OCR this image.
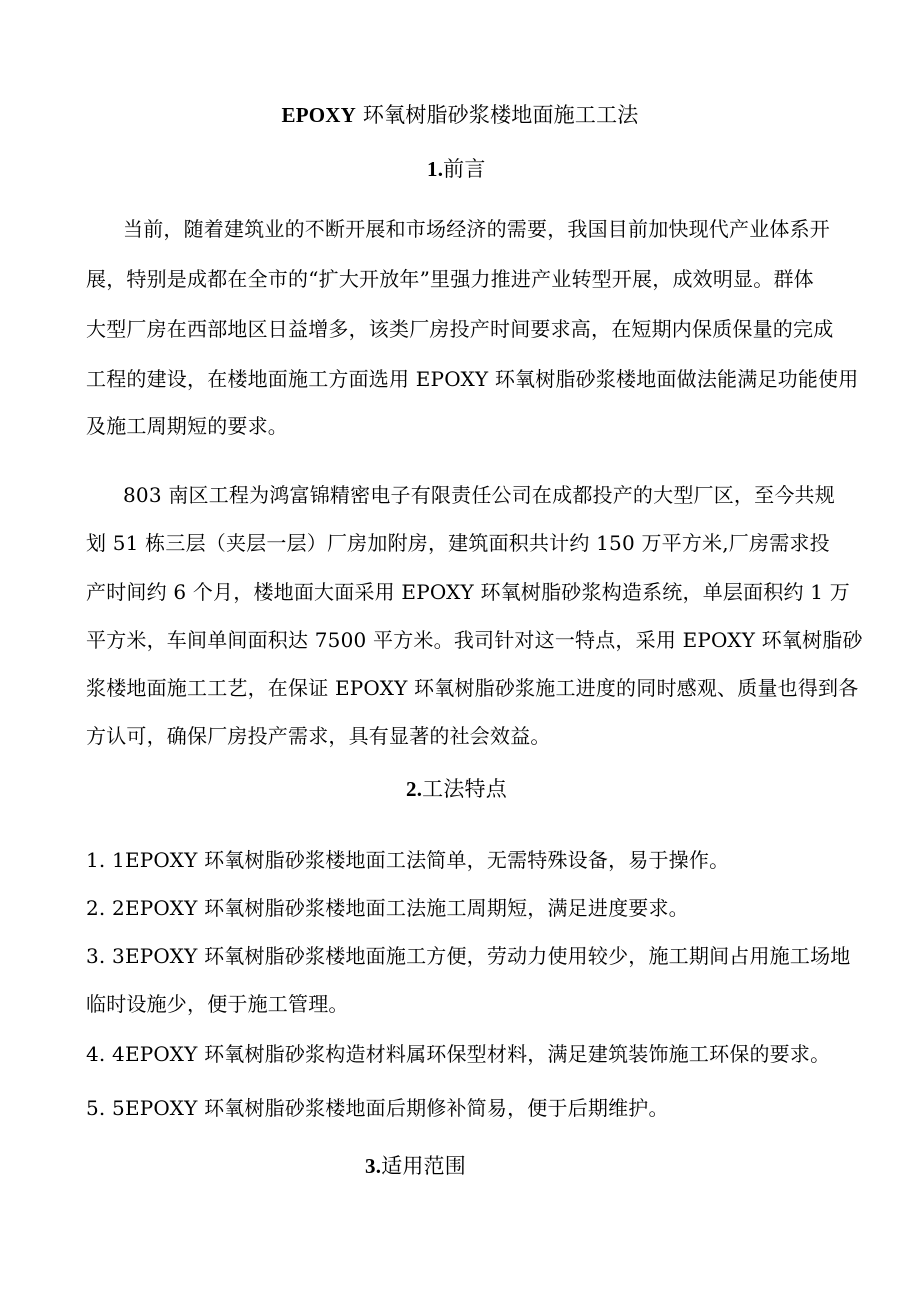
EPOXY 环氧树脂砂浆楼地面施工工法
1.前言
当前，随着建筑业的不断开展和市场经济的需要，我国目前加快现代产业体系开
展，特别是成都在全市的“扩大开放年”里强力推进产业转型开展，成效明显。群体
大型厂房在西部地区日益增多，该类厂房投产时间要求高，在短期内保质保量的完成
工程的建设，在楼地面施工方面选用 EPOXY 环氧树脂砂浆楼地面做法能满足功能使用
及施工周期短的要求。
803 南区工程为鸿富锦精密电子有限责任公司在成都投产的大型厂区，至今共规
划 51 栋三层（夹层一层）厂房加附房，建筑面积共计约 150 万平方米,厂房需求投
产时间约 6 个月，楼地面大面采用 EPOXY 环氧树脂砂浆构造系统，单层面积约 1 万
平方米，车间单间面积达 7500 平方米。我司针对这一特点，采用 EPOXY 环氧树脂砂
浆楼地面施工工艺，在保证 EPOXY 环氧树脂砂浆施工进度的同时感观、质量也得到各
方认可，确保厂房投产需求，具有显著的社会效益。
2.工法特点
1. 1EPOXY 环氧树脂砂浆楼地面工法简单，无需特殊设备，易于操作。
2. 2EPOXY 环氧树脂砂浆楼地面工法施工周期短，满足进度要求。
3. 3EPOXY 环氧树脂砂浆楼地面施工方便，劳动力使用较少，施工期间占用施工场地
临时设施少，便于施工管理。
4. 4EPOXY 环氧树脂砂浆构造材料属环保型材料，满足建筑装饰施工环保的要求。
5. 5EPOXY 环氧树脂砂浆楼地面后期修补简易，便于后期维护。
3.适用范围
